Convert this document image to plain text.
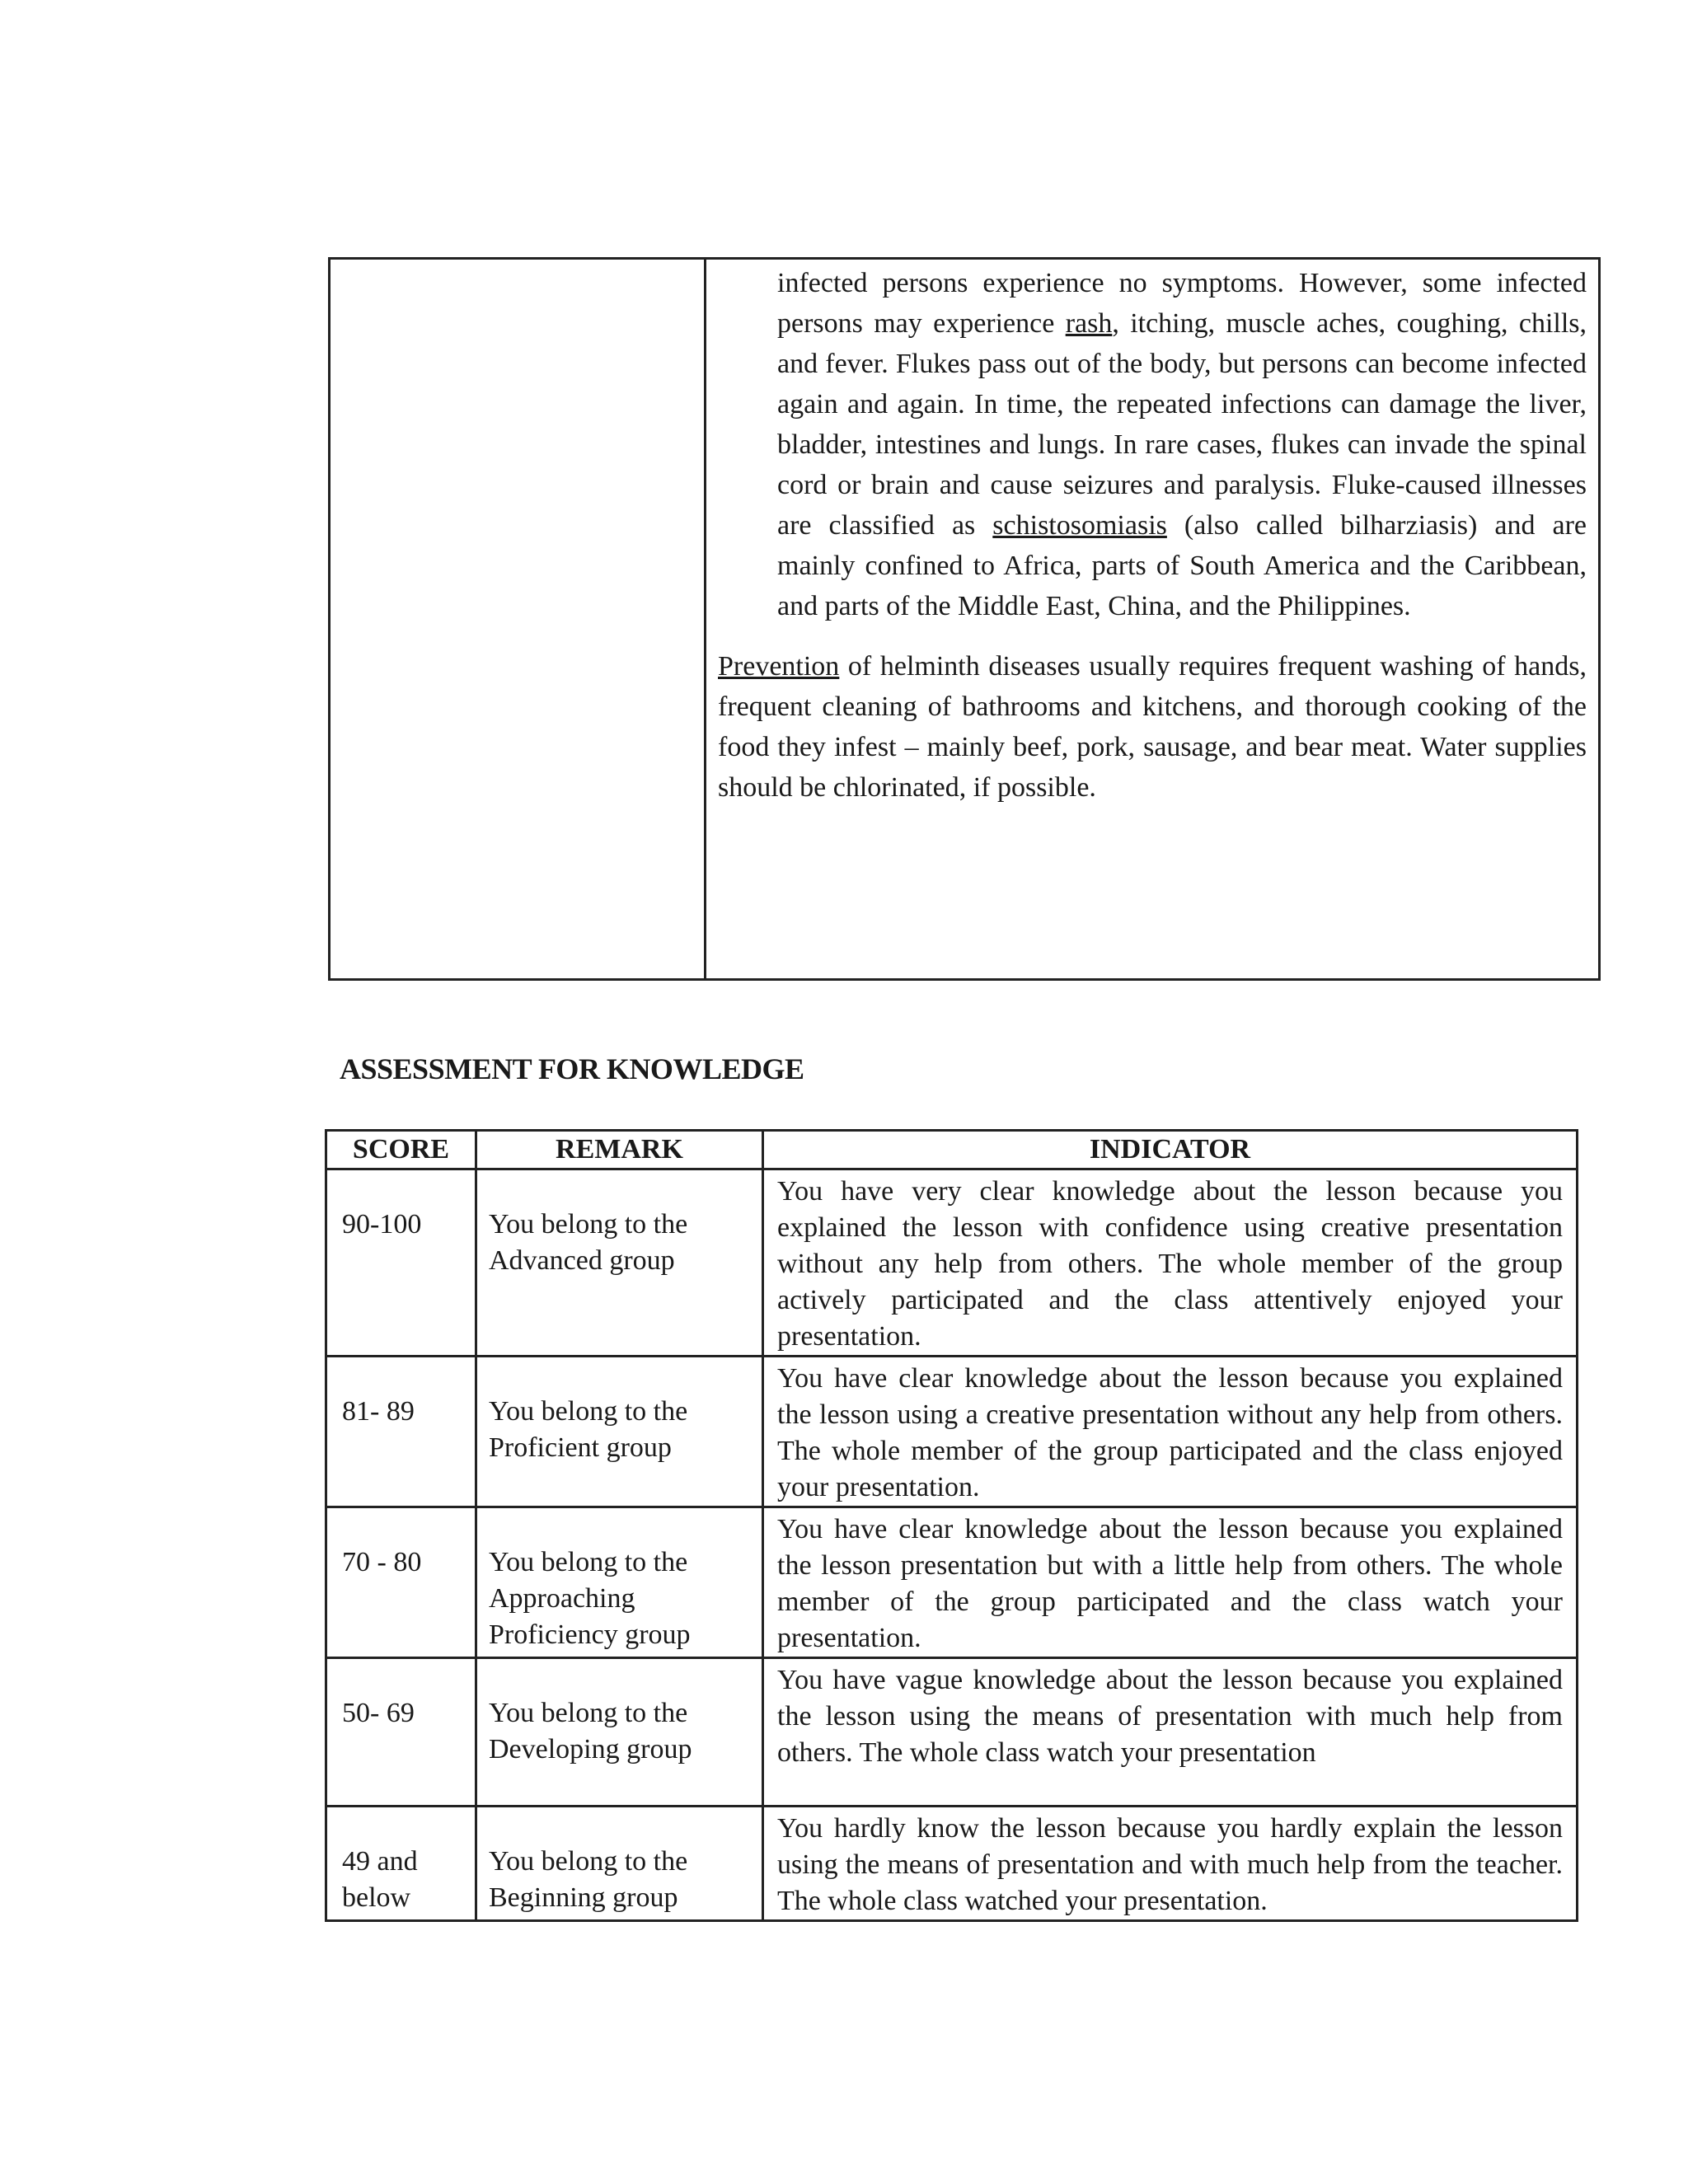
infected persons experience no symptoms. However, some infected persons may experience rash, itching, muscle aches, coughing, chills, and fever. Flukes pass out of the body, but persons can become infected again and again. In time, the repeated infections can damage the liver, bladder, intestines and lungs. In rare cases, flukes can invade the spinal cord or brain and cause seizures and paralysis. Fluke-caused illnesses are classified as schistosomiasis (also called bilharziasis) and are mainly confined to Africa, parts of South America and the Caribbean, and parts of the Middle East, China, and the Philippines.

Prevention of helminth diseases usually requires frequent washing of hands, frequent cleaning of bathrooms and kitchens, and thorough cooking of the food they infest – mainly beef, pork, sausage, and bear meat. Water supplies should be chlorinated, if possible.

ASSESSMENT FOR KNOWLEDGE
SCORE	REMARK	INDICATOR
90-100	You belong to the Advanced group	You have very clear knowledge about the lesson because you explained the lesson with confidence using creative presentation without any help from others. The whole member of the group actively participated and the class attentively enjoyed your presentation.
81- 89	You belong to the Proficient group	You have clear knowledge about the lesson because you explained the lesson using a creative presentation without any help from others. The whole member of the group participated and the class enjoyed your presentation.
70 - 80	You belong to the Approaching Proficiency group	You have clear knowledge about the lesson because you explained the lesson presentation but with a little help from others. The whole member of the group participated and the class watch your presentation.
50- 69	You belong to the Developing group	You have vague knowledge about the lesson because you explained the lesson using the means of presentation with much help from others. The whole class watch your presentation
49 and below	You belong to the Beginning group	You hardly know the lesson because you hardly explain the lesson using the means of presentation and with much help from the teacher. The whole class watched your presentation.
